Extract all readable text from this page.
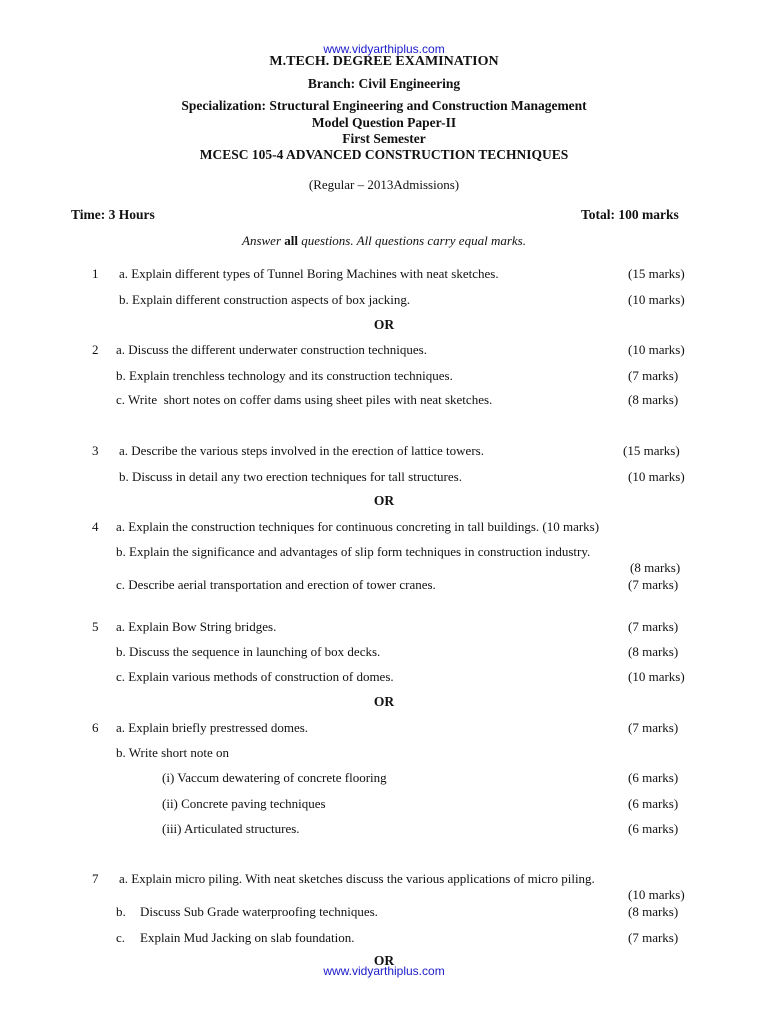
www.vidyarthiplus.com
M.TECH. DEGREE EXAMINATION
Branch: Civil Engineering
Specialization: Structural Engineering and Construction Management
Model Question Paper-II
First Semester
MCESC 105-4 ADVANCED CONSTRUCTION TECHNIQUES
(Regular – 2013Admissions)
Time: 3 Hours	Total: 100 marks
Answer all questions. All questions carry equal marks.
1 a. Explain different types of Tunnel Boring Machines with neat sketches.	(15 marks)
b. Explain different construction aspects of box jacking.	(10 marks)
OR
2 a. Discuss the different underwater construction techniques.	(10 marks)
b. Explain trenchless technology and its construction techniques.	(7 marks)
c. Write  short notes on coffer dams using sheet piles with neat sketches.	(8 marks)
3 a. Describe the various steps involved in the erection of lattice towers.	(15 marks)
b. Discuss in detail any two erection techniques for tall structures.	(10 marks)
OR
4 a. Explain the construction techniques for continuous concreting in tall buildings. (10 marks)
b. Explain the significance and advantages of slip form techniques in construction industry.
(8 marks)
c. Describe aerial transportation and erection of tower cranes.	(7 marks)
5 a. Explain Bow String bridges.	(7 marks)
b. Discuss the sequence in launching of box decks.	(8 marks)
c. Explain various methods of construction of domes.	(10 marks)
OR
6 a. Explain briefly prestressed domes.	(7 marks)
b. Write short note on
(i) Vaccum dewatering of concrete flooring	(6 marks)
(ii) Concrete paving techniques	(6 marks)
(iii) Articulated structures.	(6 marks)
7 a. Explain micro piling. With neat sketches discuss the various applications of micro piling.
(10 marks)
b. Discuss Sub Grade waterproofing techniques.	(8 marks)
c. Explain Mud Jacking on slab foundation.	(7 marks)
OR
www.vidyarthiplus.com
